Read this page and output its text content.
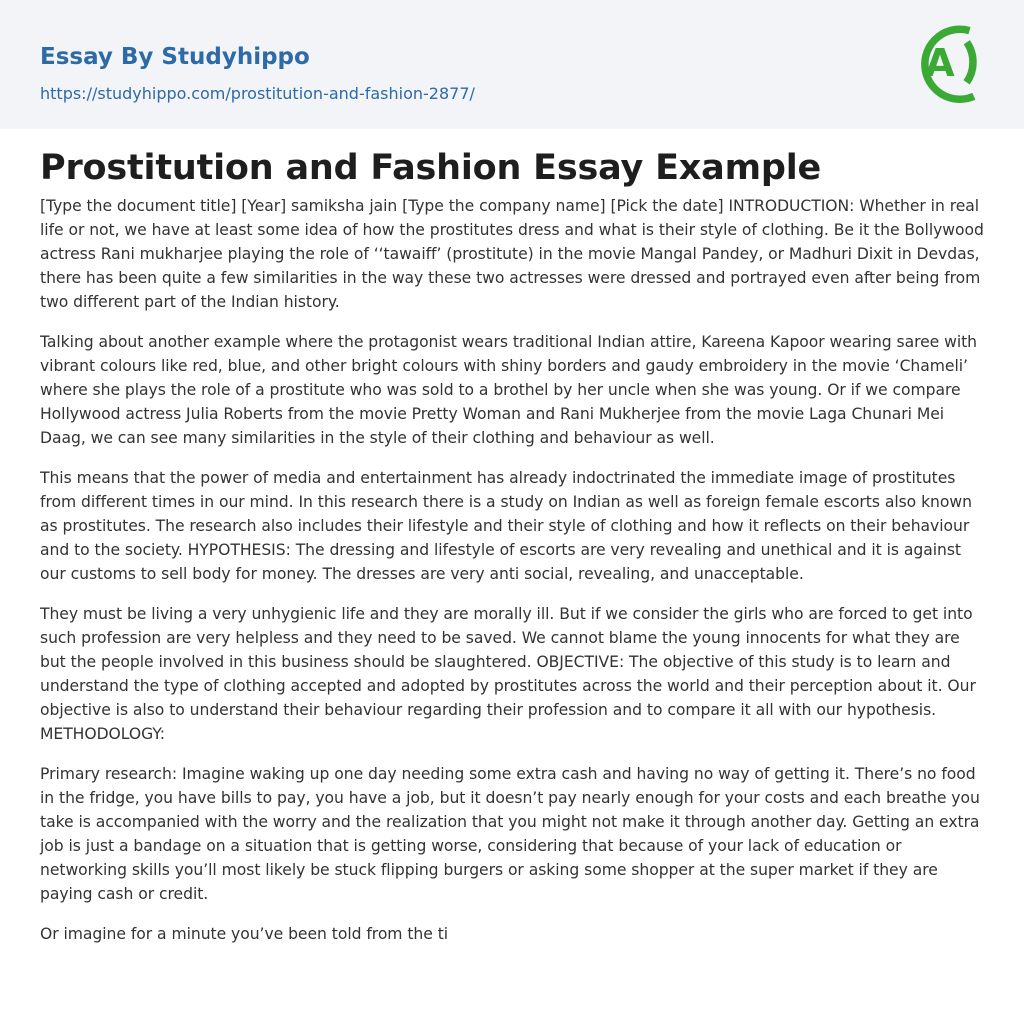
Essay By Studyhippo
https://studyhippo.com/prostitution-and-fashion-2877/
A
Prostitution and Fashion Essay Example

[Type the document title] [Year] samiksha jain [Type the company name] [Pick the date] INTRODUCTION: Whether in real life or not, we have at least some idea of how the prostitutes dress and what is their style of clothing. Be it the Bollywood actress Rani mukharjee playing the role of ‘‘tawaiff’ (prostitute) in the movie Mangal Pandey, or Madhuri Dixit in Devdas, there has been quite a few similarities in the way these two actresses were dressed and portrayed even after being from two different part of the Indian history.

Talking about another example where the protagonist wears traditional Indian attire, Kareena Kapoor wearing saree with vibrant colours like red, blue, and other bright colours with shiny borders and gaudy embroidery in the movie ‘Chameli’ where she plays the role of a prostitute who was sold to a brothel by her uncle when she was young. Or if we compare Hollywood actress Julia Roberts from the movie Pretty Woman and Rani Mukherjee from the movie Laga Chunari Mei Daag, we can see many similarities in the style of their clothing and behaviour as well.

This means that the power of media and entertainment has already indoctrinated the immediate image of prostitutes from different times in our mind. In this research there is a study on Indian as well as foreign female escorts also known as prostitutes. The research also includes their lifestyle and their style of clothing and how it reflects on their behaviour and to the society. HYPOTHESIS: The dressing and lifestyle of escorts are very revealing and unethical and it is against our customs to sell body for money. The dresses are very anti social, revealing, and unacceptable.

They must be living a very unhygienic life and they are morally ill. But if we consider the girls who are forced to get into such profession are very helpless and they need to be saved. We cannot blame the young innocents for what they are but the people involved in this business should be slaughtered. OBJECTIVE: The objective of this study is to learn and understand the type of clothing accepted and adopted by prostitutes across the world and their perception about it. Our objective is also to understand their behaviour regarding their profession and to compare it all with our hypothesis. METHODOLOGY:

Primary research: Imagine waking up one day needing some extra cash and having no way of getting it. There’s no food in the fridge, you have bills to pay, you have a job, but it doesn’t pay nearly enough for your costs and each breathe you take is accompanied with the worry and the realization that you might not make it through another day. Getting an extra job is just a bandage on a situation that is getting worse, considering that because of your lack of education or networking skills you’ll most likely be stuck flipping burgers or asking some shopper at the super market if they are paying cash or credit.

Or imagine for a minute you’ve been told from the ti
